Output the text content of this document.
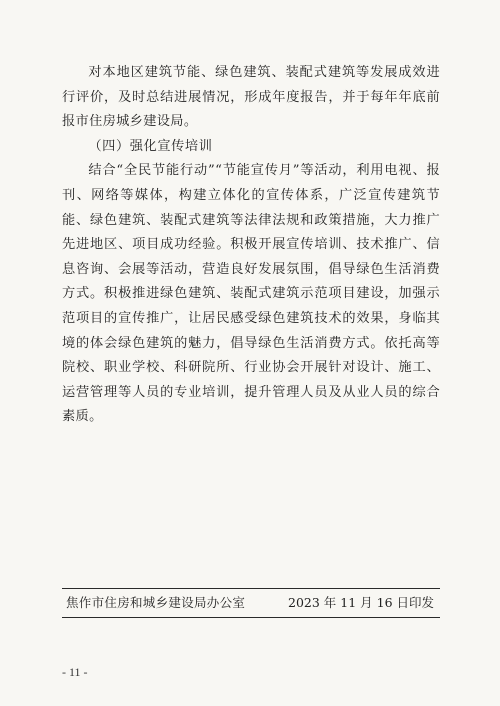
对本地区建筑节能、绿色建筑、装配式建筑等发展成效进行评价，及时总结进展情况，形成年度报告，并于每年年底前报市住房城乡建设局。

（四）强化宣传培训

结合“全民节能行动”“节能宣传月”等活动，利用电视、报刊、网络等媒体，构建立体化的宣传体系，广泛宣传建筑节能、绿色建筑、装配式建筑等法律法规和政策措施，大力推广先进地区、项目成功经验。积极开展宣传培训、技术推广、信息咨询、会展等活动，营造良好发展氛围，倡导绿色生活消费方式。积极推进绿色建筑、装配式建筑示范项目建设，加强示范项目的宣传推广，让居民感受绿色建筑技术的效果，身临其境的体会绿色建筑的魅力，倡导绿色生活消费方式。依托高等院校、职业学校、科研院所、行业协会开展针对设计、施工、运营管理等人员的专业培训，提升管理人员及从业人员的综合素质。

焦作市住房和城乡建设局办公室	2023 年 11 月 16 日印发
- 11 -
